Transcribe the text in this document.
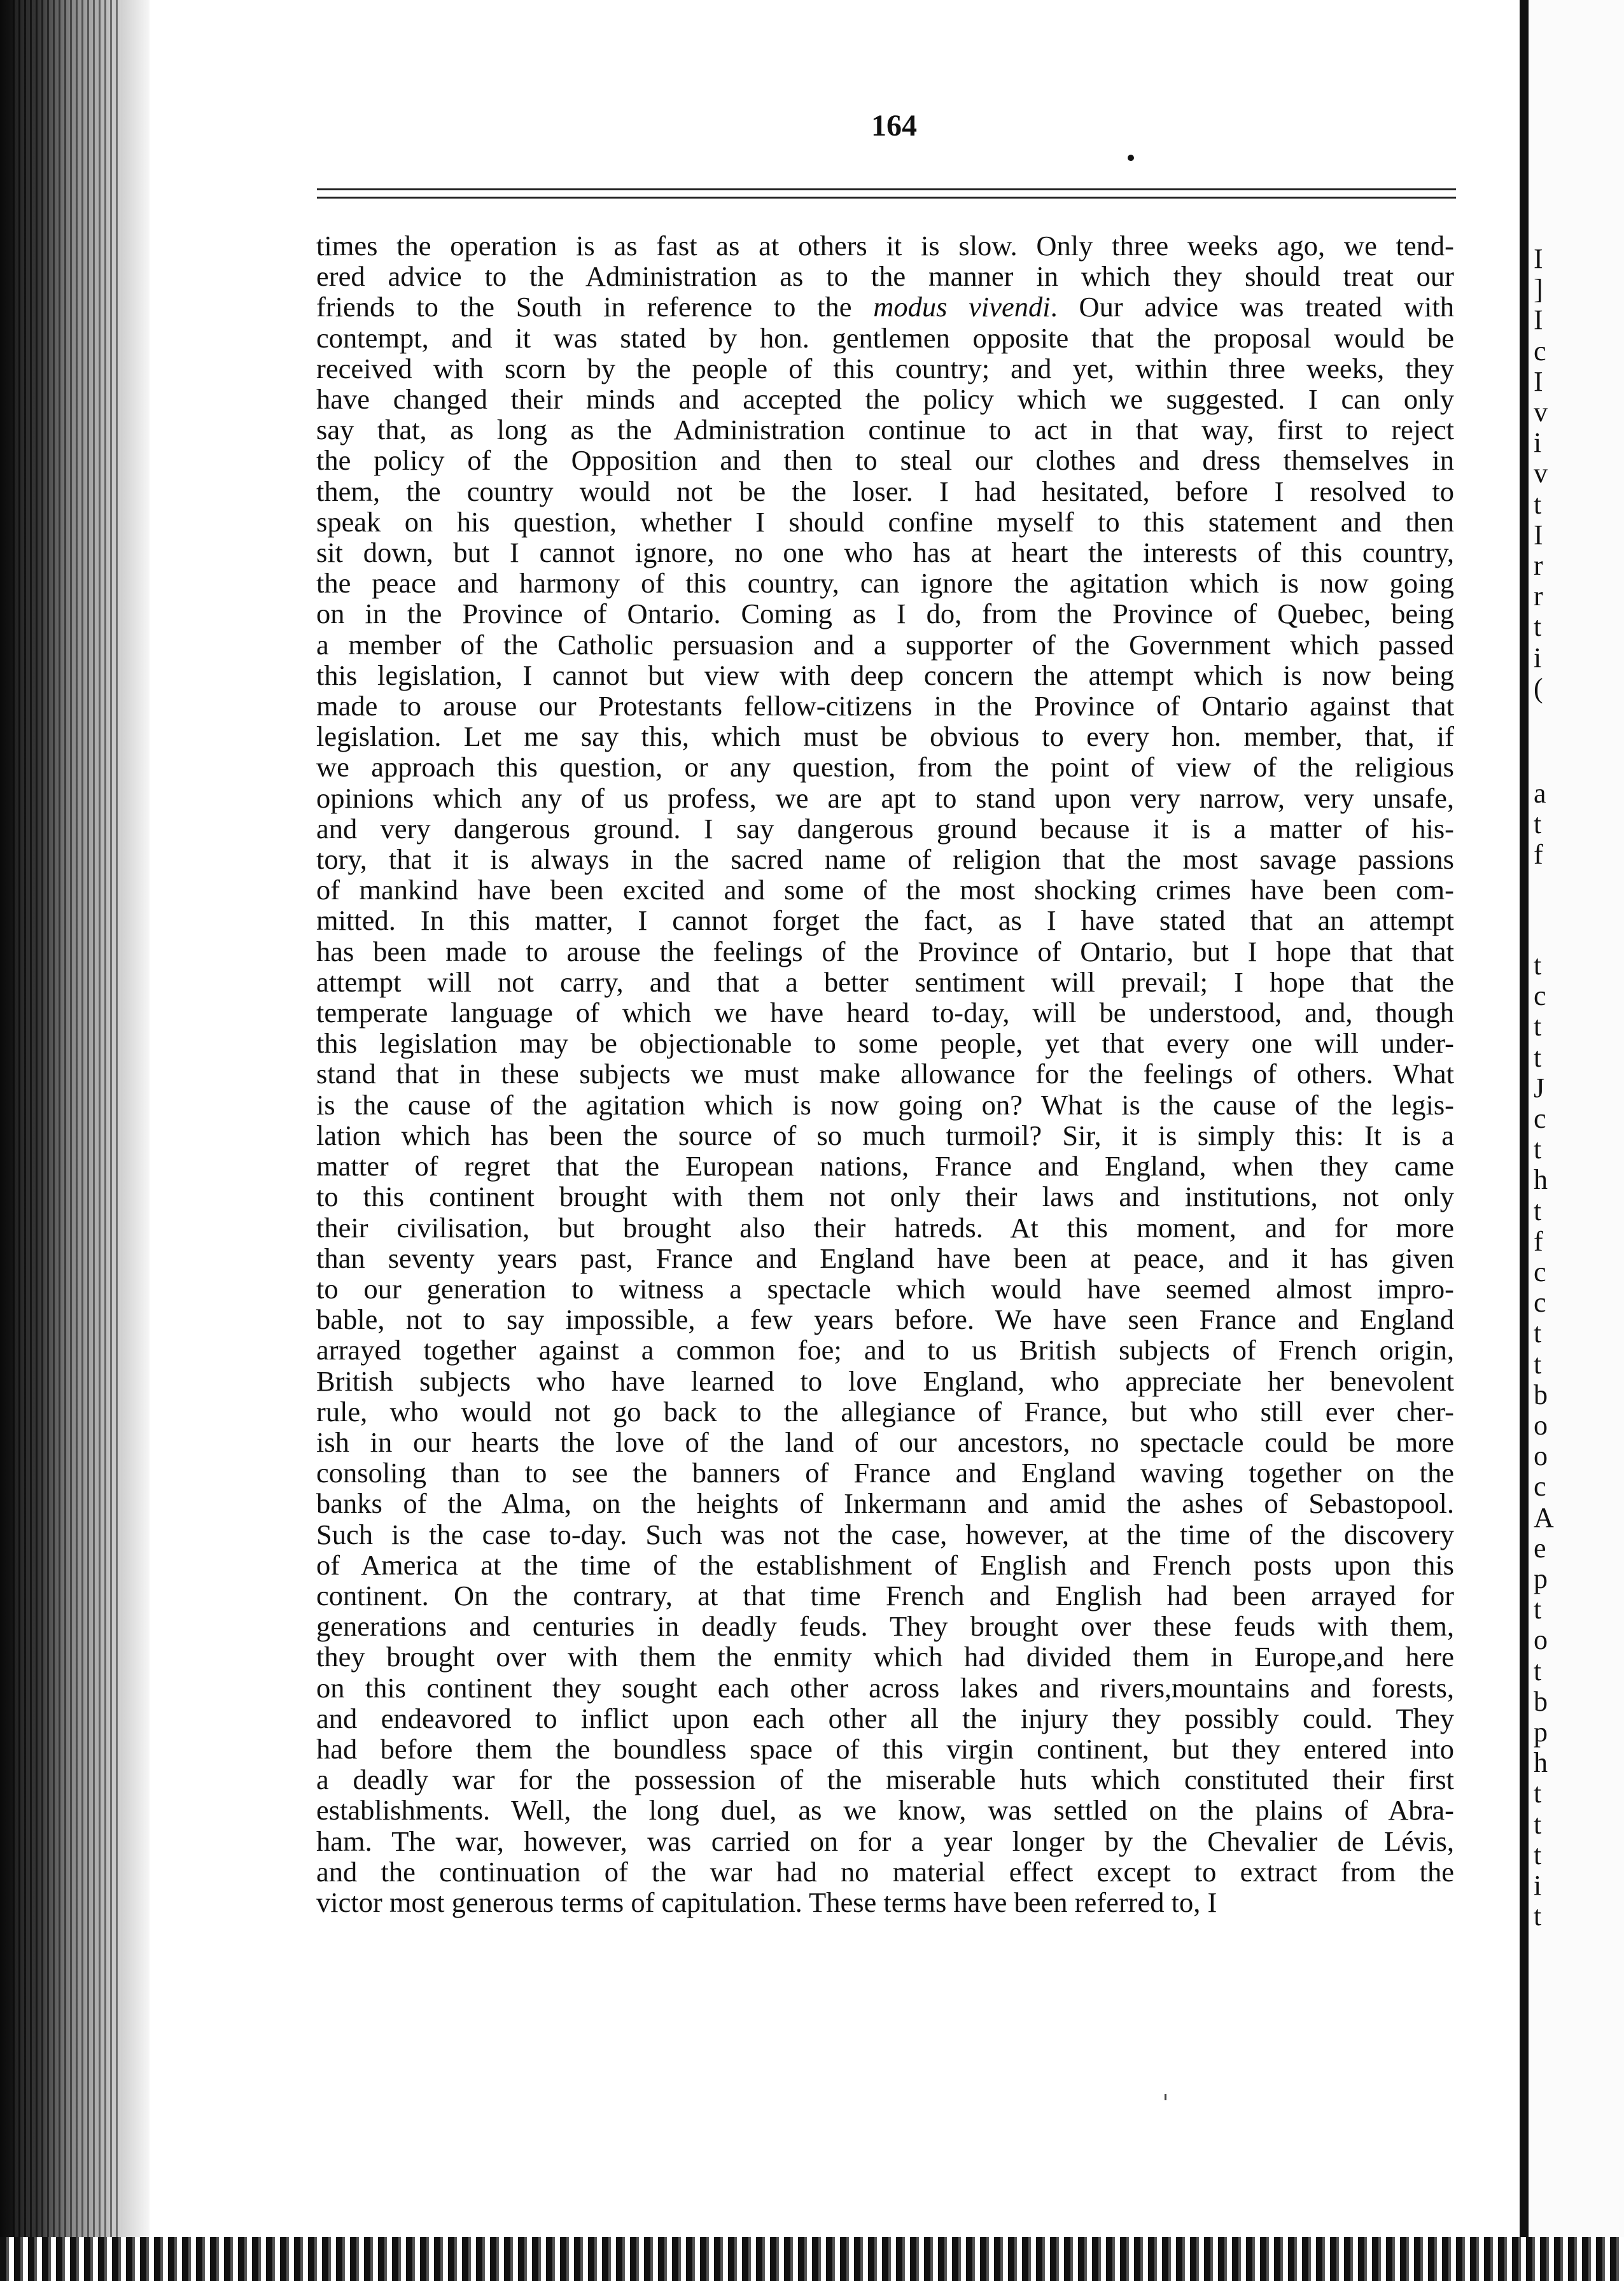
I
]
I
c
I
v
i
v
t
I
r
r
t
i
(
a
t
f
t
c
t
t
J
c
t
h
t
f
c
c
t
t
b
o
o
c
A
e
p
t
o
t
b
p
h
t
t
t
i
t
164
times the operation is as fast as at others it is slow. Only three weeks ago, we tend-
ered advice to the Administration as to the manner in which they should treat our
friends to the South in reference to the modus vivendi. Our advice was treated with
contempt, and it was stated by hon. gentlemen opposite that the proposal would be
received with scorn by the people of this country; and yet, within three weeks, they
have changed their minds and accepted the policy which we suggested. I can only
say that, as long as the Administration continue to act in that way, first to reject
the policy of the Opposition and then to steal our clothes and dress themselves in
them, the country would not be the loser. I had hesitated, before I resolved to
speak on his question, whether I should confine myself to this statement and then
sit down, but I cannot ignore, no one who has at heart the interests of this country,
the peace and harmony of this country, can ignore the agitation which is now going
on in the Province of Ontario. Coming as I do, from the Province of Quebec, being
a member of the Catholic persuasion and a supporter of the Government which passed
this legislation, I cannot but view with deep concern the attempt which is now being
made to arouse our Protestants fellow-citizens in the Province of Ontario against that
legislation. Let me say this, which must be obvious to every hon. member, that, if
we approach this question, or any question, from the point of view of the religious
opinions which any of us profess, we are apt to stand upon very narrow, very unsafe,
and very dangerous ground. I say dangerous ground because it is a matter of his-
tory, that it is always in the sacred name of religion that the most savage passions
of mankind have been excited and some of the most shocking crimes have been com-
mitted. In this matter, I cannot forget the fact, as I have stated that an attempt
has been made to arouse the feelings of the Province of Ontario, but I hope that that
attempt will not carry, and that a better sentiment will prevail; I hope that the
temperate language of which we have heard to-day, will be understood, and, though
this legislation may be objectionable to some people, yet that every one will under-
stand that in these subjects we must make allowance for the feelings of others. What
is the cause of the agitation which is now going on? What is the cause of the legis-
lation which has been the source of so much turmoil? Sir, it is simply this: It is a
matter of regret that the European nations, France and England, when they came
to this continent brought with them not only their laws and institutions, not only
their civilisation, but brought also their hatreds. At this moment, and for more
than seventy years past, France and England have been at peace, and it has given
to our generation to witness a spectacle which would have seemed almost impro-
bable, not to say impossible, a few years before. We have seen France and England
arrayed together against a common foe; and to us British subjects of French origin,
British subjects who have learned to love England, who appreciate her benevolent
rule, who would not go back to the allegiance of France, but who still ever cher-
ish in our hearts the love of the land of our ancestors, no spectacle could be more
consoling than to see the banners of France and England waving together on the
banks of the Alma, on the heights of Inkermann and amid the ashes of Sebastopool.
Such is the case to-day. Such was not the case, however, at the time of the discovery
of America at the time of the establishment of English and French posts upon this
continent. On the contrary, at that time French and English had been arrayed for
generations and centuries in deadly feuds. They brought over these feuds with them,
they brought over with them the enmity which had divided them in Europe,and here
on this continent they sought each other across lakes and rivers,mountains and forests,
and endeavored to inflict upon each other all the injury they possibly could. They
had before them the boundless space of this virgin continent, but they entered into
a deadly war for the possession of the miserable huts which constituted their first
establishments. Well, the long duel, as we know, was settled on the plains of Abra-
ham. The war, however, was carried on for a year longer by the Chevalier de Lévis,
and the continuation of the war had no material effect except to extract from the
victor most generous terms of capitulation. These terms have been referred to, I
